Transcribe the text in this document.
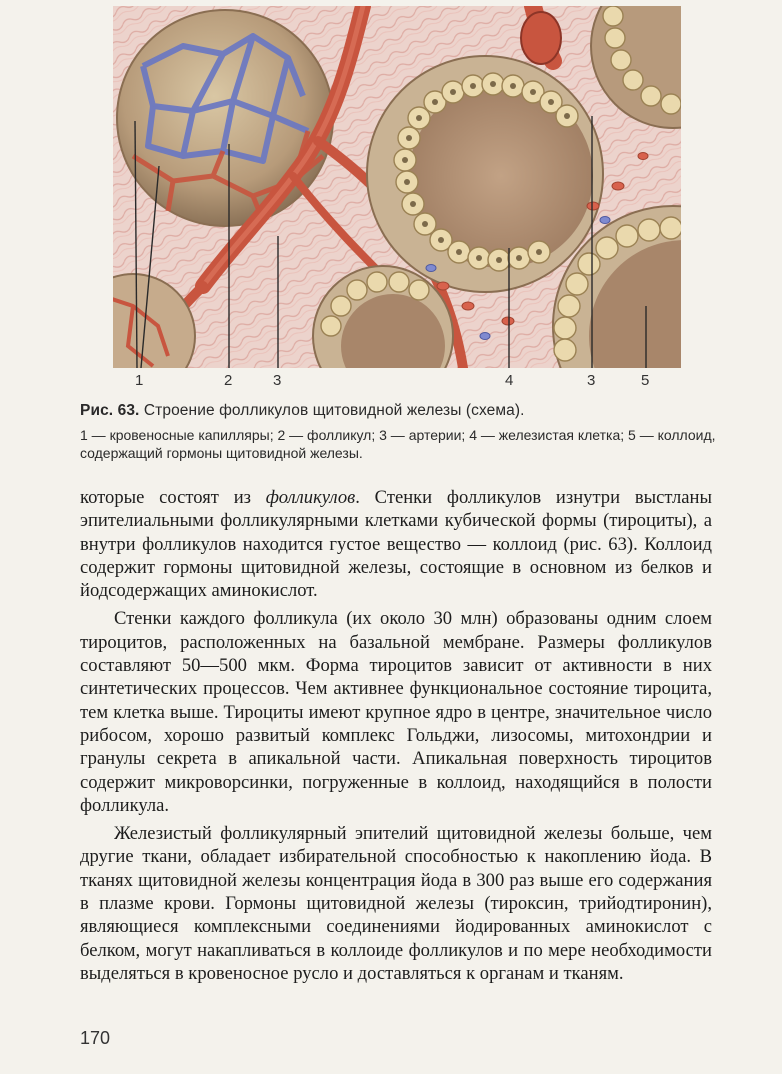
1	2	3	4	3	5

Рис. 63. Строение фолликулов щитовидной железы (схема).

1 — кровеносные капилляры; 2 — фолликул; 3 — артерии; 4 — железистая клетка; 5 — коллоид, содержащий гормоны щитовидной железы.

которые состоят из фолликулов. Стенки фолликулов изнутри выстланы эпителиальными фолликулярными клетками кубической формы (тироциты), а внутри фолликулов находится густое вещество — коллоид (рис. 63). Коллоид содержит гормоны щитовидной железы, состоящие в основном из белков и йодсодержащих аминокислот.

Стенки каждого фолликула (их около 30 млн) образованы одним слоем тироцитов, расположенных на базальной мембране. Размеры фолликулов составляют 50—500 мкм. Форма тироцитов зависит от активности в них синтетических процессов. Чем активнее функциональное состояние тироцита, тем клетка выше. Тироциты имеют крупное ядро в центре, значительное число рибосом, хорошо развитый комплекс Гольджи, лизосомы, митохондрии и гранулы секрета в апикальной части. Апикальная поверхность тироцитов содержит микроворсинки, погруженные в коллоид, находящийся в полости фолликула.

Железистый фолликулярный эпителий щитовидной железы больше, чем другие ткани, обладает избирательной способностью к накоплению йода. В тканях щитовидной железы концентрация йода в 300 раз выше его содержания в плазме крови. Гормоны щитовидной железы (тироксин, трийодтиронин), являющиеся комплексными соединениями йодированных аминокислот с белком, могут накапливаться в коллоиде фолликулов и по мере необходимости выделяться в кровеносное русло и доставляться к органам и тканям.

170
